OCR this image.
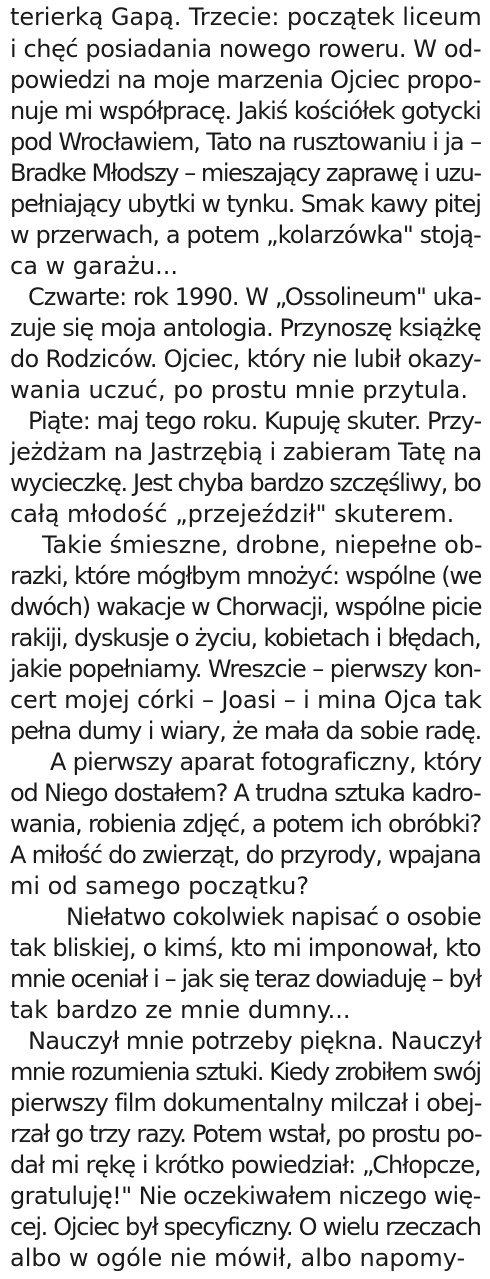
terierką Gapą. Trzecie: początek liceum
i chęć posiadania nowego roweru. W od-
powiedzi na moje marzenia Ojciec propo-
nuje mi współpracę. Jakiś kościółek gotycki
pod Wrocławiem, Tato na rusztowaniu i ja –
Bradke Młodszy – mieszający zaprawę i uzu-
pełniający ubytki w tynku. Smak kawy pitej
w przerwach, a potem „kolarzówka" stoją-
ca w garażu...
Czwarte: rok 1990. W „Ossolineum" uka-
zuje się moja antologia. Przynoszę książkę
do Rodziców. Ojciec, który nie lubił okazy-
wania uczuć, po prostu mnie przytula.
Piąte: maj tego roku. Kupuję skuter. Przy-
jeżdżam na Jastrzębią i zabieram Tatę na
wycieczkę. Jest chyba bardzo szczęśliwy, bo
całą młodość „przejeździł" skuterem.
Takie śmieszne, drobne, niepełne ob-
razki, które mógłbym mnożyć: wspólne (we
dwóch) wakacje w Chorwacji, wspólne picie
rakiji, dyskusje o życiu, kobietach i błędach,
jakie popełniamy. Wreszcie – pierwszy kon-
cert mojej córki – Joasi – i mina Ojca tak
pełna dumy i wiary, że mała da sobie radę.
A pierwszy aparat fotograficzny, który
od Niego dostałem? A trudna sztuka kadro-
wania, robienia zdjęć, a potem ich obróbki?
A miłość do zwierząt, do przyrody, wpajana
mi od samego początku?
Niełatwo cokolwiek napisać o osobie
tak bliskiej, o kimś, kto mi imponował, kto
mnie oceniał i – jak się teraz dowiaduję – był
tak bardzo ze mnie dumny...
Nauczył mnie potrzeby piękna. Nauczył
mnie rozumienia sztuki. Kiedy zrobiłem swój
pierwszy film dokumentalny milczał i obej-
rzał go trzy razy. Potem wstał, po prostu po-
dał mi rękę i krótko powiedział: „Chłopcze,
gratuluję!" Nie oczekiwałem niczego wię-
cej. Ojciec był specyficzny. O wielu rzeczach
albo w ogóle nie mówił, albo napomy-
